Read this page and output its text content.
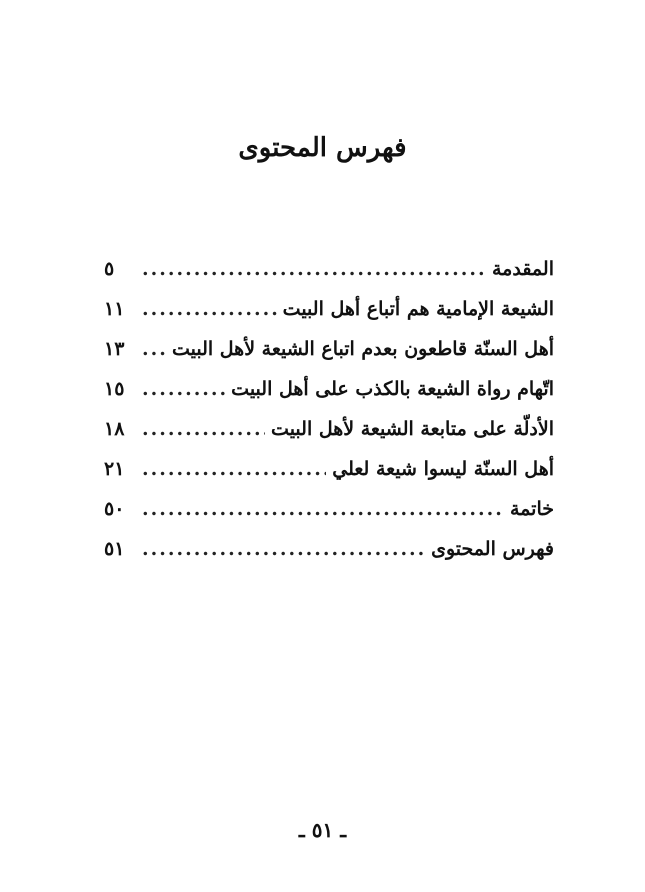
فهرس المحتوى
المقدمة
.....
٥
الشيعة الإمامية هم أتباع أهل البيت
.....
١١
أهل السنّة قاطعون بعدم اتباع الشيعة لأهل البيت
.....
١٣
اتّهام رواة الشيعة بالكذب على أهل البيت
.....
١٥
الأدلّة على متابعة الشيعة لأهل البيت
.....
١٨
أهل السنّة ليسوا شيعة لعلي
.....
٢١
خاتمة
.....
٥٠
فهرس المحتوى
.....
٥١
ـ ٥١ ـ
